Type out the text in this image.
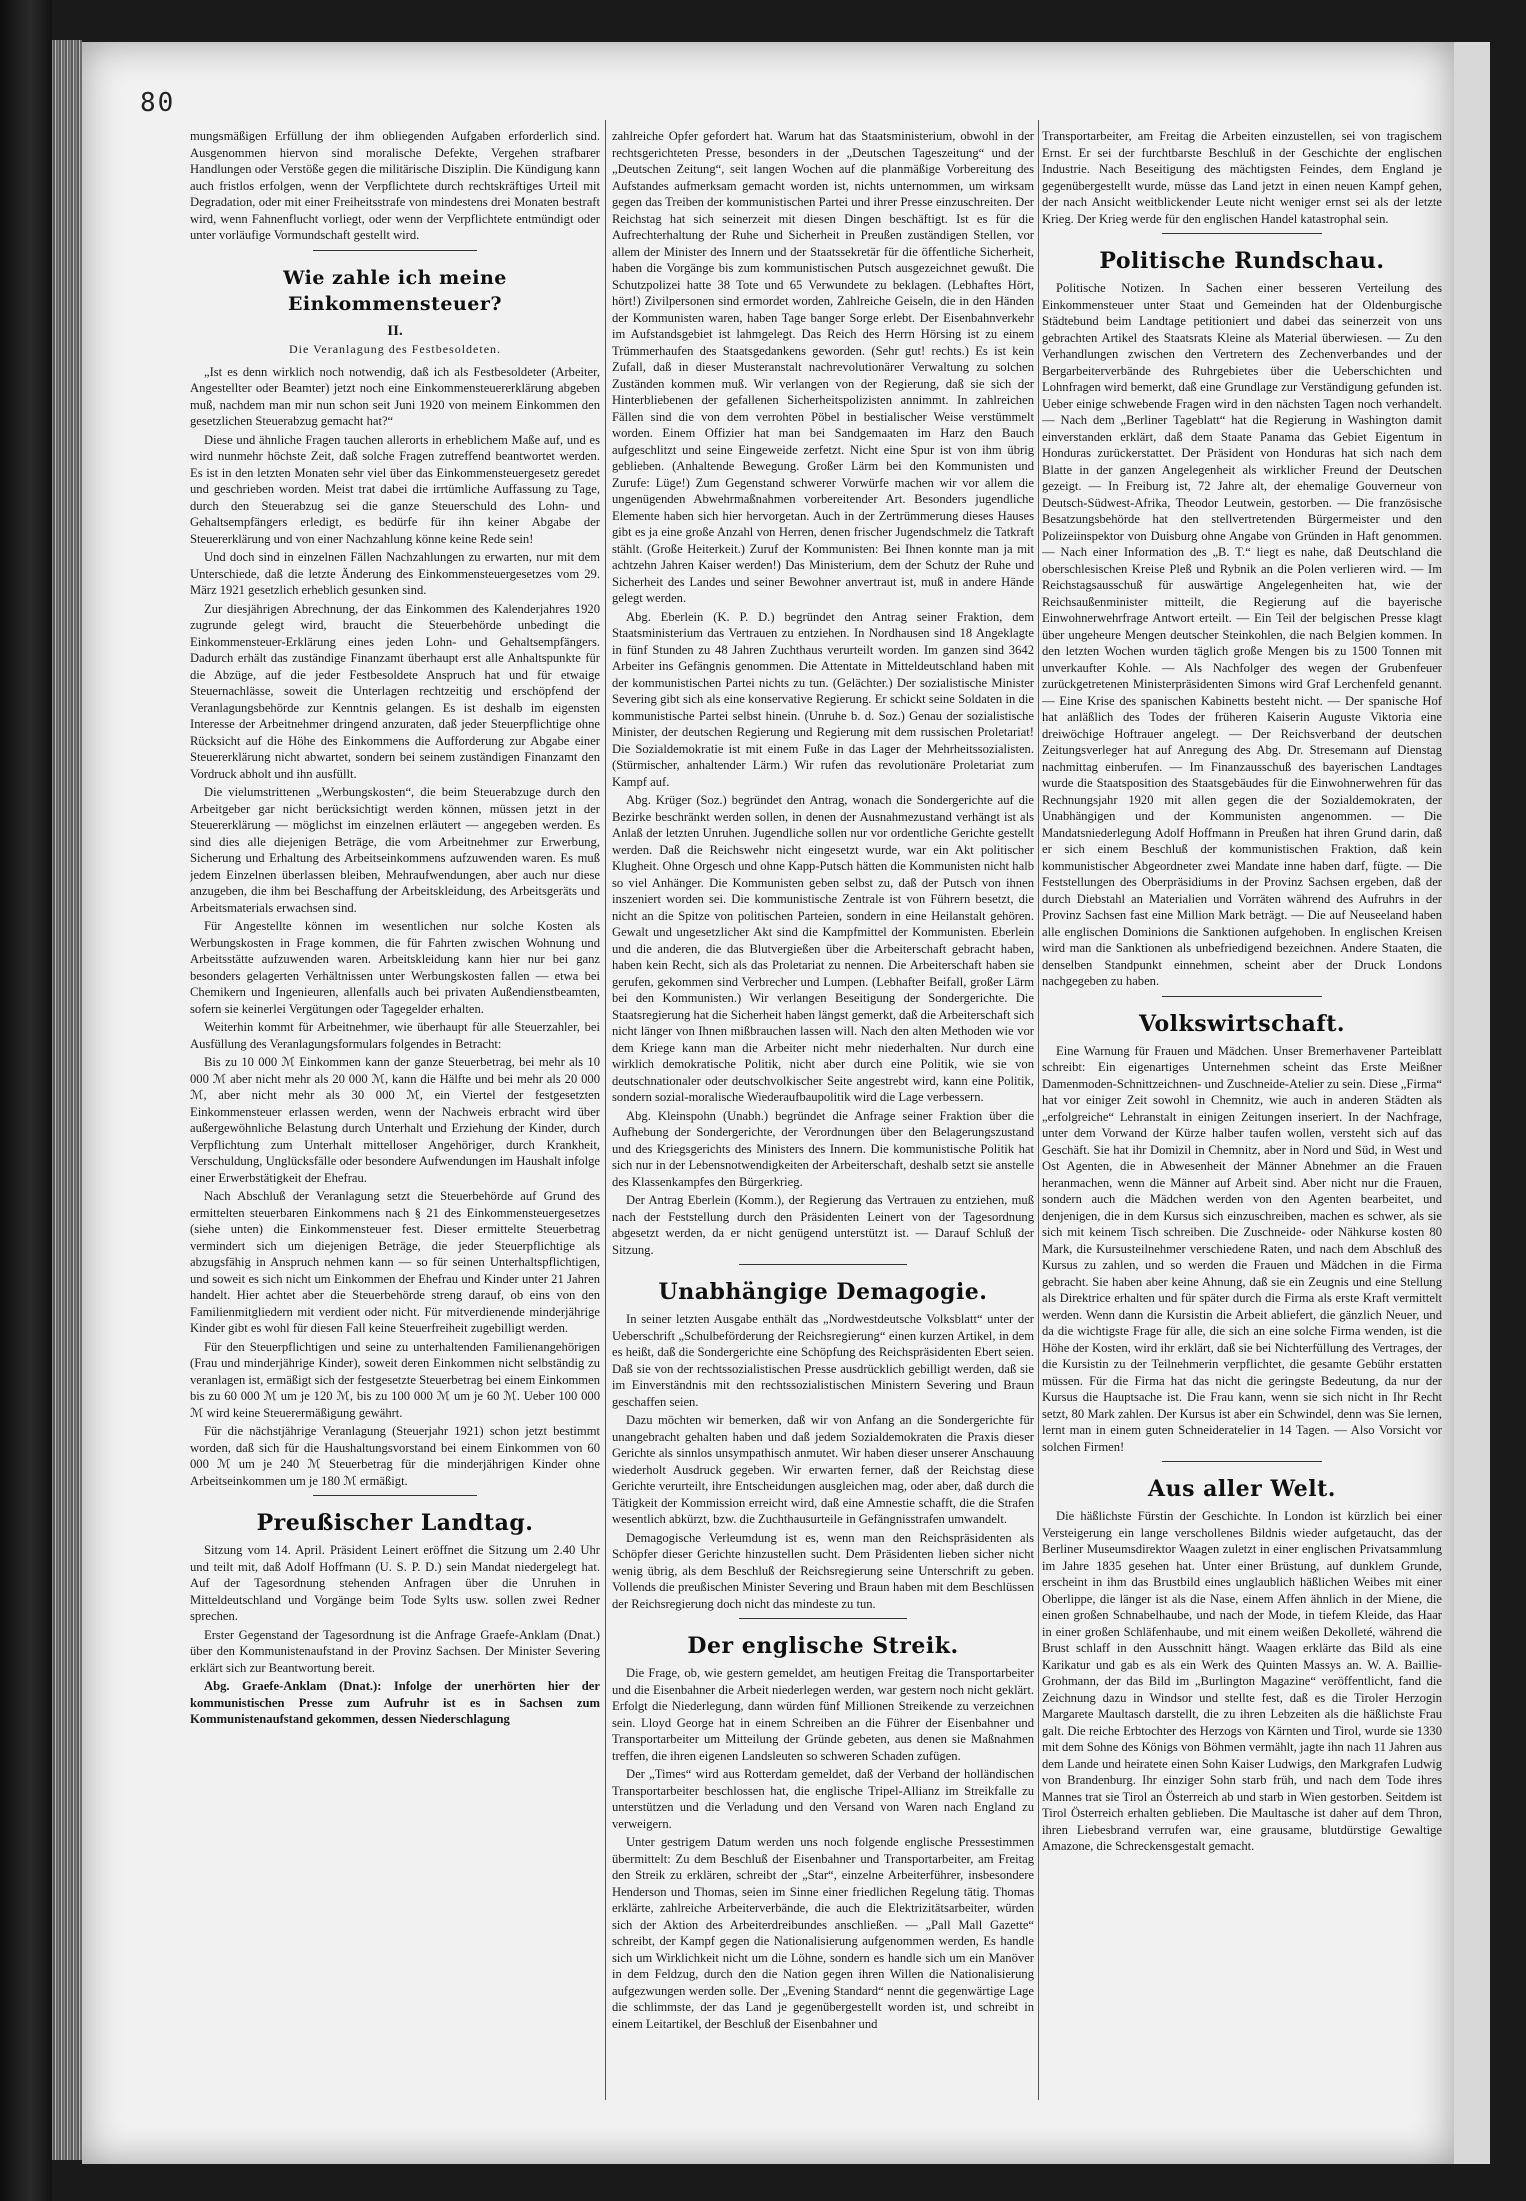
80

mungsmäßigen Erfüllung der ihm obliegenden Aufgaben erforderlich sind. Ausgenommen hiervon sind moralische Defekte, Vergehen strafbarer Handlungen oder Verstöße gegen die militärische Disziplin. Die Kündigung kann auch fristlos erfolgen, wenn der Verpflichtete durch rechtskräftiges Urteil mit Degradation, oder mit einer Freiheitsstrafe von mindestens drei Monaten bestraft wird, wenn Fahnenflucht vorliegt, oder wenn der Verpflichtete entmündigt oder unter vorläufige Vormundschaft gestellt wird.

Wie zahle ich meine Einkommensteuer?
II.
Die Veranlagung des Festbesoldeten.

„Ist es denn wirklich noch notwendig, daß ich als Festbesoldeter (Arbeiter, Angestellter oder Beamter) jetzt noch eine Einkommensteuererklärung abgeben muß, nachdem man mir nun schon seit Juni 1920 von meinem Einkommen den gesetzlichen Steuerabzug gemacht hat?“

Diese und ähnliche Fragen tauchen allerorts in erheblichem Maße auf, und es wird nunmehr höchste Zeit, daß solche Fragen zutreffend beantwortet werden. Es ist in den letzten Monaten sehr viel über das Einkommensteuergesetz geredet und geschrieben worden. Meist trat dabei die irrtümliche Auffassung zu Tage, durch den Steuerabzug sei die ganze Steuerschuld des Lohn- und Gehaltsempfängers erledigt, es bedürfe für ihn keiner Abgabe der Steuererklärung und von einer Nachzahlung könne keine Rede sein!

Und doch sind in einzelnen Fällen Nachzahlungen zu erwarten, nur mit dem Unterschiede, daß die letzte Änderung des Einkommensteuergesetzes vom 29. März 1921 gesetzlich erheblich gesunken sind.

Zur diesjährigen Abrechnung, der das Einkommen des Kalenderjahres 1920 zugrunde gelegt wird, braucht die Steuerbehörde unbedingt die Einkommensteuer-Erklärung eines jeden Lohn- und Gehaltsempfängers. Dadurch erhält das zuständige Finanzamt überhaupt erst alle Anhaltspunkte für die Abzüge, auf die jeder Festbesoldete Anspruch hat und für etwaige Steuernachlässe, soweit die Unterlagen rechtzeitig und erschöpfend der Veranlagungsbehörde zur Kenntnis gelangen. Es ist deshalb im eigensten Interesse der Arbeitnehmer dringend anzuraten, daß jeder Steuerpflichtige ohne Rücksicht auf die Höhe des Einkommens die Aufforderung zur Abgabe einer Steuererklärung nicht abwartet, sondern bei seinem zuständigen Finanzamt den Vordruck abholt und ihn ausfüllt.

Die vielumstrittenen „Werbungskosten“, die beim Steuerabzuge durch den Arbeitgeber gar nicht berücksichtigt werden können, müssen jetzt in der Steuererklärung — möglichst im einzelnen erläutert — angegeben werden. Es sind dies alle diejenigen Beträge, die vom Arbeitnehmer zur Erwerbung, Sicherung und Erhaltung des Arbeitseinkommens aufzuwenden waren. Es muß jedem Einzelnen überlassen bleiben, Mehraufwendungen, aber auch nur diese anzugeben, die ihm bei Beschaffung der Arbeitskleidung, des Arbeitsgeräts und Arbeitsmaterials erwachsen sind.

Für Angestellte können im wesentlichen nur solche Kosten als Werbungskosten in Frage kommen, die für Fahrten zwischen Wohnung und Arbeitsstätte aufzuwenden waren. Arbeitskleidung kann hier nur bei ganz besonders gelagerten Verhältnissen unter Werbungskosten fallen — etwa bei Chemikern und Ingenieuren, allenfalls auch bei privaten Außendienstbeamten, sofern sie keinerlei Vergütungen oder Tagegelder erhalten.

Weiterhin kommt für Arbeitnehmer, wie überhaupt für alle Steuerzahler, bei Ausfüllung des Veranlagungsformulars folgendes in Betracht:

Bis zu 10 000 ℳ Einkommen kann der ganze Steuerbetrag, bei mehr als 10 000 ℳ aber nicht mehr als 20 000 ℳ, kann die Hälfte und bei mehr als 20 000 ℳ, aber nicht mehr als 30 000 ℳ, ein Viertel der festgesetzten Einkommensteuer erlassen werden, wenn der Nachweis erbracht wird über außergewöhnliche Belastung durch Unterhalt und Erziehung der Kinder, durch Verpflichtung zum Unterhalt mittelloser Angehöriger, durch Krankheit, Verschuldung, Unglücksfälle oder besondere Aufwendungen im Haushalt infolge einer Erwerbstätigkeit der Ehefrau.

Nach Abschluß der Veranlagung setzt die Steuerbehörde auf Grund des ermittelten steuerbaren Einkommens nach § 21 des Einkommensteuergesetzes (siehe unten) die Einkommensteuer fest. Dieser ermittelte Steuerbetrag vermindert sich um diejenigen Beträge, die jeder Steuerpflichtige als abzugsfähig in Anspruch nehmen kann — so für seinen Unterhaltspflichtigen, und soweit es sich nicht um Einkommen der Ehefrau und Kinder unter 21 Jahren handelt. Hier achtet aber die Steuerbehörde streng darauf, ob eins von den Familienmitgliedern mit verdient oder nicht. Für mitverdienende minderjährige Kinder gibt es wohl für diesen Fall keine Steuerfreiheit zugebilligt werden.

Für den Steuerpflichtigen und seine zu unterhaltenden Familienangehörigen (Frau und minderjährige Kinder), soweit deren Einkommen nicht selbständig zu veranlagen ist, ermäßigt sich der festgesetzte Steuerbetrag bei einem Einkommen bis zu 60 000 ℳ um je 120 ℳ, bis zu 100 000 ℳ um je 60 ℳ. Ueber 100 000 ℳ wird keine Steuerermäßigung gewährt.

Für die nächstjährige Veranlagung (Steuerjahr 1921) schon jetzt bestimmt worden, daß sich für die Haushaltungsvorstand bei einem Einkommen von 60 000 ℳ um je 240 ℳ Steuerbetrag für die minderjährigen Kinder ohne Arbeitseinkommen um je 180 ℳ ermäßigt.

Preußischer Landtag.

Sitzung vom 14. April. Präsident Leinert eröffnet die Sitzung um 2.40 Uhr und teilt mit, daß Adolf Hoffmann (U. S. P. D.) sein Mandat niedergelegt hat. Auf der Tagesordnung stehenden Anfragen über die Unruhen in Mitteldeutschland und Vorgänge beim Tode Sylts usw. sollen zwei Redner sprechen.

Erster Gegenstand der Tagesordnung ist die Anfrage Graefe-Anklam (Dnat.) über den Kommunistenaufstand in der Provinz Sachsen. Der Minister Severing erklärt sich zur Beantwortung bereit.

Abg. Graefe-Anklam (Dnat.): Infolge der unerhörten hier der kommunistischen Presse zum Aufruhr ist es in Sachsen zum Kommunistenaufstand gekommen, dessen Niederschlagung

zahlreiche Opfer gefordert hat. Warum hat das Staatsministerium, obwohl in der rechtsgerichteten Presse, besonders in der „Deutschen Tageszeitung“ und der „Deutschen Zeitung“, seit langen Wochen auf die planmäßige Vorbereitung des Aufstandes aufmerksam gemacht worden ist, nichts unternommen, um wirksam gegen das Treiben der kommunistischen Partei und ihrer Presse einzuschreiten. Der Reichstag hat sich seinerzeit mit diesen Dingen beschäftigt. Ist es für die Aufrechterhaltung der Ruhe und Sicherheit in Preußen zuständigen Stellen, vor allem der Minister des Innern und der Staatssekretär für die öffentliche Sicherheit, haben die Vorgänge bis zum kommunistischen Putsch ausgezeichnet gewußt. Die Schutzpolizei hatte 38 Tote und 65 Verwundete zu beklagen. (Lebhaftes Hört, hört!) Zivilpersonen sind ermordet worden, Zahlreiche Geiseln, die in den Händen der Kommunisten waren, haben Tage banger Sorge erlebt. Der Eisenbahnverkehr im Aufstandsgebiet ist lahmgelegt. Das Reich des Herrn Hörsing ist zu einem Trümmerhaufen des Staatsgedankens geworden. (Sehr gut! rechts.) Es ist kein Zufall, daß in dieser Musteranstalt nachrevolutionärer Verwaltung zu solchen Zuständen kommen muß. Wir verlangen von der Regierung, daß sie sich der Hinterbliebenen der gefallenen Sicherheitspolizisten annimmt. In zahlreichen Fällen sind die von dem verrohten Pöbel in bestialischer Weise verstümmelt worden. Einem Offizier hat man bei Sandgemaaten im Harz den Bauch aufgeschlitzt und seine Eingeweide zerfetzt. Nicht eine Spur ist von ihm übrig geblieben. (Anhaltende Bewegung. Großer Lärm bei den Kommunisten und Zurufe: Lüge!) Zum Gegenstand schwerer Vorwürfe machen wir vor allem die ungenügenden Abwehrmaßnahmen vorbereitender Art. Besonders jugendliche Elemente haben sich hier hervorgetan. Auch in der Zertrümmerung dieses Hauses gibt es ja eine große Anzahl von Herren, denen frischer Jugendschmelz die Tatkraft stählt. (Große Heiterkeit.) Zuruf der Kommunisten: Bei Ihnen konnte man ja mit achtzehn Jahren Kaiser werden!) Das Ministerium, dem der Schutz der Ruhe und Sicherheit des Landes und seiner Bewohner anvertraut ist, muß in andere Hände gelegt werden.

Abg. Eberlein (K. P. D.) begründet den Antrag seiner Fraktion, dem Staatsministerium das Vertrauen zu entziehen. In Nordhausen sind 18 Angeklagte in fünf Stunden zu 48 Jahren Zuchthaus verurteilt worden. Im ganzen sind 3642 Arbeiter ins Gefängnis genommen. Die Attentate in Mitteldeutschland haben mit der kommunistischen Partei nichts zu tun. (Gelächter.) Der sozialistische Minister Severing gibt sich als eine konservative Regierung. Er schickt seine Soldaten in die kommunistische Partei selbst hinein. (Unruhe b. d. Soz.) Genau der sozialistische Minister, der deutschen Regierung und Regierung mit dem russischen Proletariat! Die Sozialdemokratie ist mit einem Fuße in das Lager der Mehrheitssozialisten. (Stürmischer, anhaltender Lärm.) Wir rufen das revolutionäre Proletariat zum Kampf auf.

Abg. Krüger (Soz.) begründet den Antrag, wonach die Sondergerichte auf die Bezirke beschränkt werden sollen, in denen der Ausnahmezustand verhängt ist als Anlaß der letzten Unruhen. Jugendliche sollen nur vor ordentliche Gerichte gestellt werden. Daß die Reichswehr nicht eingesetzt wurde, war ein Akt politischer Klugheit. Ohne Orgesch und ohne Kapp-Putsch hätten die Kommunisten nicht halb so viel Anhänger. Die Kommunisten geben selbst zu, daß der Putsch von ihnen inszeniert worden sei. Die kommunistische Zentrale ist von Führern besetzt, die nicht an die Spitze von politischen Parteien, sondern in eine Heilanstalt gehören. Gewalt und ungesetzlicher Akt sind die Kampfmittel der Kommunisten. Eberlein und die anderen, die das Blutvergießen über die Arbeiterschaft gebracht haben, haben kein Recht, sich als das Proletariat zu nennen. Die Arbeiterschaft haben sie gerufen, gekommen sind Verbrecher und Lumpen. (Lebhafter Beifall, großer Lärm bei den Kommunisten.) Wir verlangen Beseitigung der Sondergerichte. Die Staatsregierung hat die Sicherheit haben längst gemerkt, daß die Arbeiterschaft sich nicht länger von Ihnen mißbrauchen lassen will. Nach den alten Methoden wie vor dem Kriege kann man die Arbeiter nicht mehr niederhalten. Nur durch eine wirklich demokratische Politik, nicht aber durch eine Politik, wie sie von deutschnationaler oder deutschvolkischer Seite angestrebt wird, kann eine Politik, sondern sozial-moralische Wiederaufbaupolitik wird die Lage verbessern.

Abg. Kleinspohn (Unabh.) begründet die Anfrage seiner Fraktion über die Aufhebung der Sondergerichte, der Verordnungen über den Belagerungszustand und des Kriegsgerichts des Ministers des Innern. Die kommunistische Politik hat sich nur in der Lebensnotwendigkeiten der Arbeiterschaft, deshalb setzt sie anstelle des Klassenkampfes den Bürgerkrieg.

Der Antrag Eberlein (Komm.), der Regierung das Vertrauen zu entziehen, muß nach der Feststellung durch den Präsidenten Leinert von der Tagesordnung abgesetzt werden, da er nicht genügend unterstützt ist. — Darauf Schluß der Sitzung.

Unabhängige Demagogie.

In seiner letzten Ausgabe enthält das „Nordwestdeutsche Volksblatt“ unter der Ueberschrift „Schulbeförderung der Reichsregierung“ einen kurzen Artikel, in dem es heißt, daß die Sondergerichte eine Schöpfung des Reichspräsidenten Ebert seien. Daß sie von der rechtssozialistischen Presse ausdrücklich gebilligt werden, daß sie im Einverständnis mit den rechtssozialistischen Ministern Severing und Braun geschaffen seien.

Dazu möchten wir bemerken, daß wir von Anfang an die Sondergerichte für unangebracht gehalten haben und daß jedem Sozialdemokraten die Praxis dieser Gerichte als sinnlos unsympathisch anmutet. Wir haben dieser unserer Anschauung wiederholt Ausdruck gegeben. Wir erwarten ferner, daß der Reichstag diese Gerichte verurteilt, ihre Entscheidungen ausgleichen mag, oder aber, daß durch die Tätigkeit der Kommission erreicht wird, daß eine Amnestie schafft, die die Strafen wesentlich abkürzt, bzw. die Zuchthausurteile in Gefängnisstrafen umwandelt.

Demagogische Verleumdung ist es, wenn man den Reichspräsidenten als Schöpfer dieser Gerichte hinzustellen sucht. Dem Präsidenten lieben sicher nicht wenig übrig, als dem Beschluß der Reichsregierung seine Unterschrift zu geben. Vollends die preußischen Minister Severing und Braun haben mit dem Beschlüssen der Reichsregierung doch nicht das mindeste zu tun.

Der englische Streik.

Die Frage, ob, wie gestern gemeldet, am heutigen Freitag die Transportarbeiter und die Eisenbahner die Arbeit niederlegen werden, war gestern noch nicht geklärt. Erfolgt die Niederlegung, dann würden fünf Millionen Streikende zu verzeichnen sein. Lloyd George hat in einem Schreiben an die Führer der Eisenbahner und Transportarbeiter um Mitteilung der Gründe gebeten, aus denen sie Maßnahmen treffen, die ihren eigenen Landsleuten so schweren Schaden zufügen.

Der „Times“ wird aus Rotterdam gemeldet, daß der Verband der holländischen Transportarbeiter beschlossen hat, die englische Tripel-Allianz im Streikfalle zu unterstützen und die Verladung und den Versand von Waren nach England zu verweigern.

Unter gestrigem Datum werden uns noch folgende englische Pressestimmen übermittelt: Zu dem Beschluß der Eisenbahner und Transportarbeiter, am Freitag den Streik zu erklären, schreibt der „Star“, einzelne Arbeiterführer, insbesondere Henderson und Thomas, seien im Sinne einer friedlichen Regelung tätig. Thomas erklärte, zahlreiche Arbeiterverbände, die auch die Elektrizitätsarbeiter, würden sich der Aktion des Arbeiterdreibundes anschließen. — „Pall Mall Gazette“ schreibt, der Kampf gegen die Nationalisierung aufgenommen werden, Es handle sich um Wirklichkeit nicht um die Löhne, sondern es handle sich um ein Manöver in dem Feldzug, durch den die Nation gegen ihren Willen die Nationalisierung aufgezwungen werden solle. Der „Evening Standard“ nennt die gegenwärtige Lage die schlimmste, der das Land je gegenübergestellt worden ist, und schreibt in einem Leitartikel, der Beschluß der Eisenbahner und

Transportarbeiter, am Freitag die Arbeiten einzustellen, sei von tragischem Ernst. Er sei der furchtbarste Beschluß in der Geschichte der englischen Industrie. Nach Beseitigung des mächtigsten Feindes, dem England je gegenübergestellt wurde, müsse das Land jetzt in einen neuen Kampf gehen, der nach Ansicht weitblickender Leute nicht weniger ernst sei als der letzte Krieg. Der Krieg werde für den englischen Handel katastrophal sein.

Politische Rundschau.

Politische Notizen. In Sachen einer besseren Verteilung des Einkommensteuer unter Staat und Gemeinden hat der Oldenburgische Städtebund beim Landtage petitioniert und dabei das seinerzeit von uns gebrachten Artikel des Staatsrats Kleine als Material überwiesen. — Zu den Verhandlungen zwischen den Vertretern des Zechenverbandes und der Bergarbeiterverbände des Ruhrgebietes über die Ueberschichten und Lohnfragen wird bemerkt, daß eine Grundlage zur Verständigung gefunden ist. Ueber einige schwebende Fragen wird in den nächsten Tagen noch verhandelt. — Nach dem „Berliner Tageblatt“ hat die Regierung in Washington damit einverstanden erklärt, daß dem Staate Panama das Gebiet Eigentum in Honduras zurückerstattet. Der Präsident von Honduras hat sich nach dem Blatte in der ganzen Angelegenheit als wirklicher Freund der Deutschen gezeigt. — In Freiburg ist, 72 Jahre alt, der ehemalige Gouverneur von Deutsch-Südwest-Afrika, Theodor Leutwein, gestorben. — Die französische Besatzungsbehörde hat den stellvertretenden Bürgermeister und den Polizeiinspektor von Duisburg ohne Angabe von Gründen in Haft genommen. — Nach einer Information des „B. T.“ liegt es nahe, daß Deutschland die oberschlesischen Kreise Pleß und Rybnik an die Polen verlieren wird. — Im Reichstagsausschuß für auswärtige Angelegenheiten hat, wie der Reichsaußenminister mitteilt, die Regierung auf die bayerische Einwohnerwehrfrage Antwort erteilt. — Ein Teil der belgischen Presse klagt über ungeheure Mengen deutscher Steinkohlen, die nach Belgien kommen. In den letzten Wochen wurden täglich große Mengen bis zu 1500 Tonnen mit unverkaufter Kohle. — Als Nachfolger des wegen der Grubenfeuer zurückgetretenen Ministerpräsidenten Simons wird Graf Lerchenfeld genannt. — Eine Krise des spanischen Kabinetts besteht nicht. — Der spanische Hof hat anläßlich des Todes der früheren Kaiserin Auguste Viktoria eine dreiwöchige Hoftrauer angelegt. — Der Reichsverband der deutschen Zeitungsverleger hat auf Anregung des Abg. Dr. Stresemann auf Dienstag nachmittag einberufen. — Im Finanzausschuß des bayerischen Landtages wurde die Staatsposition des Staatsgebäudes für die Einwohnerwehren für das Rechnungsjahr 1920 mit allen gegen die der Sozialdemokraten, der Unabhängigen und der Kommunisten angenommen. — Die Mandatsniederlegung Adolf Hoffmann in Preußen hat ihren Grund darin, daß er sich einem Beschluß der kommunistischen Fraktion, daß kein kommunistischer Abgeordneter zwei Mandate inne haben darf, fügte. — Die Feststellungen des Oberpräsidiums in der Provinz Sachsen ergeben, daß der durch Diebstahl an Materialien und Vorräten während des Aufruhrs in der Provinz Sachsen fast eine Million Mark beträgt. — Die auf Neuseeland haben alle englischen Dominions die Sanktionen aufgehoben. In englischen Kreisen wird man die Sanktionen als unbefriedigend bezeichnen. Andere Staaten, die denselben Standpunkt einnehmen, scheint aber der Druck Londons nachgegeben zu haben.

Volkswirtschaft.

Eine Warnung für Frauen und Mädchen. Unser Bremerhavener Parteiblatt schreibt: Ein eigenartiges Unternehmen scheint das Erste Meißner Damenmoden-Schnittzeichnen- und Zuschneide-Atelier zu sein. Diese „Firma“ hat vor einiger Zeit sowohl in Chemnitz, wie auch in anderen Städten als „erfolgreiche“ Lehranstalt in einigen Zeitungen inseriert. In der Nachfrage, unter dem Vorwand der Kürze halber taufen wollen, versteht sich auf das Geschäft. Sie hat ihr Domizil in Chemnitz, aber in Nord und Süd, in West und Ost Agenten, die in Abwesenheit der Männer Abnehmer an die Frauen heranmachen, wenn die Männer auf Arbeit sind. Aber nicht nur die Frauen, sondern auch die Mädchen werden von den Agenten bearbeitet, und denjenigen, die in dem Kursus sich einzuschreiben, machen es schwer, als sie sich mit keinem Tisch schreiben. Die Zuschneide- oder Nähkurse kosten 80 Mark, die Kursusteilnehmer verschiedene Raten, und nach dem Abschluß des Kursus zu zahlen, und so werden die Frauen und Mädchen in die Firma gebracht. Sie haben aber keine Ahnung, daß sie ein Zeugnis und eine Stellung als Direktrice erhalten und für später durch die Firma als erste Kraft vermittelt werden. Wenn dann die Kursistin die Arbeit abliefert, die gänzlich Neuer, und da die wichtigste Frage für alle, die sich an eine solche Firma wenden, ist die Höhe der Kosten, wird ihr erklärt, daß sie bei Nichterfüllung des Vertrages, der die Kursistin zu der Teilnehmerin verpflichtet, die gesamte Gebühr erstatten müssen. Für die Firma hat das nicht die geringste Bedeutung, da nur der Kursus die Hauptsache ist. Die Frau kann, wenn sie sich nicht in Ihr Recht setzt, 80 Mark zahlen. Der Kursus ist aber ein Schwindel, denn was Sie lernen, lernt man in einem guten Schneideratelier in 14 Tagen. — Also Vorsicht vor solchen Firmen!

Aus aller Welt.

Die häßlichste Fürstin der Geschichte. In London ist kürzlich bei einer Versteigerung ein lange verschollenes Bildnis wieder aufgetaucht, das der Berliner Museumsdirektor Waagen zuletzt in einer englischen Privatsammlung im Jahre 1835 gesehen hat. Unter einer Brüstung, auf dunklem Grunde, erscheint in ihm das Brustbild eines unglaublich häßlichen Weibes mit einer Oberlippe, die länger ist als die Nase, einem Affen ähnlich in der Miene, die einen großen Schnabelhaube, und nach der Mode, in tiefem Kleide, das Haar in einer großen Schläfenhaube, und mit einem weißen Dekolleté, während die Brust schlaff in den Ausschnitt hängt. Waagen erklärte das Bild als eine Karikatur und gab es als ein Werk des Quinten Massys an. W. A. Baillie-Grohmann, der das Bild im „Burlington Magazine“ veröffentlicht, fand die Zeichnung dazu in Windsor und stellte fest, daß es die Tiroler Herzogin Margarete Maultasch darstellt, die zu ihren Lebzeiten als die häßlichste Frau galt. Die reiche Erbtochter des Herzogs von Kärnten und Tirol, wurde sie 1330 mit dem Sohne des Königs von Böhmen vermählt, jagte ihn nach 11 Jahren aus dem Lande und heiratete einen Sohn Kaiser Ludwigs, den Markgrafen Ludwig von Brandenburg. Ihr einziger Sohn starb früh, und nach dem Tode ihres Mannes trat sie Tirol an Österreich ab und starb in Wien gestorben. Seitdem ist Tirol Österreich erhalten geblieben. Die Maultasche ist daher auf dem Thron, ihren Liebesbrand verrufen war, eine grausame, blutdürstige Gewaltige Amazone, die Schreckensgestalt gemacht.
